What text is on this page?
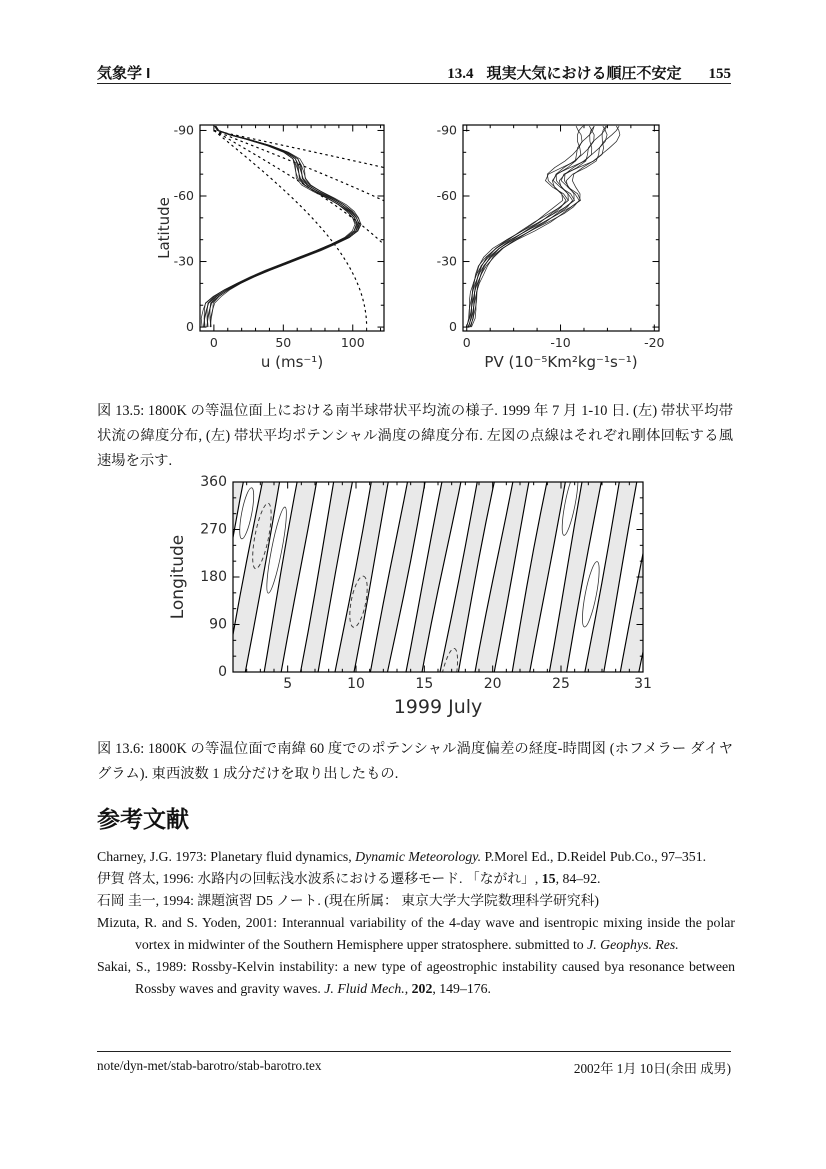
気象学 I	13.4 現実大気における順圧不安定 155
0	50	100
0
-30
-60
-90
u (ms⁻¹)
Latitude
0	-10	-20
0
-30
-60
-90
PV (10⁻⁵Km²kg⁻¹s⁻¹)

図 13.5: 1800K の等温位面上における南半球帯状平均流の様子. 1999 年 7 月 1-10 日. (左) 帯状平均帯状流の緯度分布, (左) 帯状平均ポテンシャル渦度の緯度分布. 左図の点線はそれぞれ剛体回転する風速場を示す.

5	10	15	20	25	31
0
90
180
270
360
1999 July
Longitude

図 13.6: 1800K の等温位面で南緯 60 度でのポテンシャル渦度偏差の経度-時間図 (ホフメラー ダイヤグラム). 東西波数 1 成分だけを取り出したもの.

参考文献
Charney, J.G. 1973: Planetary fluid dynamics, Dynamic Meteorology. P.Morel Ed., D.Reidel Pub.Co., 97–351.
伊賀 啓太, 1996: 水路内の回転浅水波系における遷移モード. 「ながれ」, 15, 84–92.
石岡 圭一, 1994: 課題演習 D5 ノート. (現在所属： 東京大学大学院数理科学研究科)
Mizuta, R. and S. Yoden, 2001: Interannual variability of the 4-day wave and isentropic mixing inside the polar vortex in midwinter of the Southern Hemisphere upper stratosphere. submitted to J. Geophys. Res.
Sakai, S., 1989: Rossby-Kelvin instability: a new type of ageostrophic instability caused bya resonance between Rossby waves and gravity waves. J. Fluid Mech., 202, 149–176.
note/dyn-met/stab-barotro/stab-barotro.tex	2002年 1月 10日(余田 成男)
